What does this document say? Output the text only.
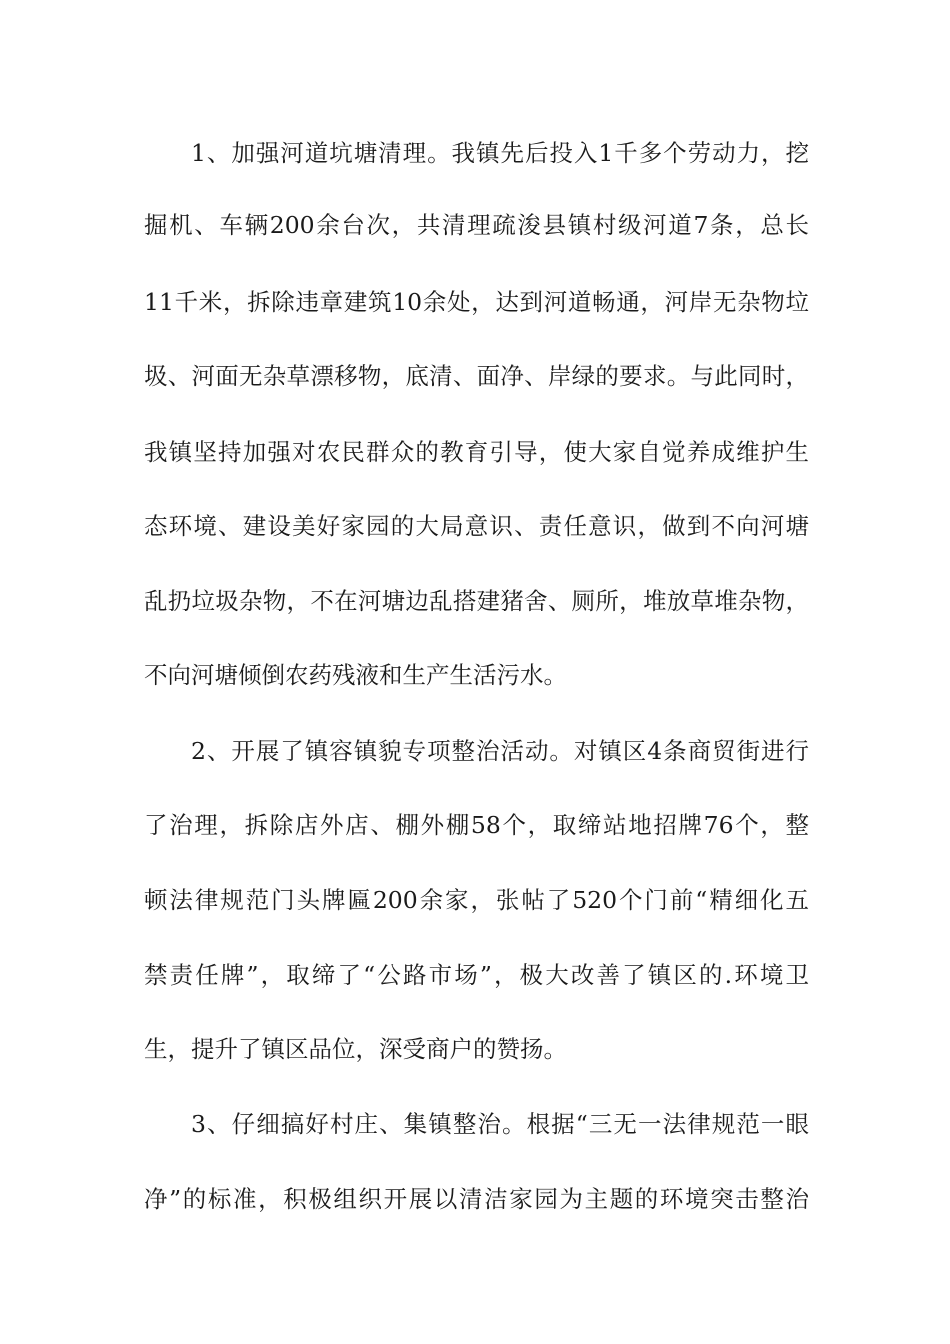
1、加强河道坑塘清理。我镇先后投入1千多个劳动力，挖
掘机、车辆200余台次，共清理疏浚县镇村级河道7条，总长
11千米，拆除违章建筑10余处，达到河道畅通，河岸无杂物垃
圾、河面无杂草漂移物，底清、面净、岸绿的要求。与此同时，
我镇坚持加强对农民群众的教育引导，使大家自觉养成维护生
态环境、建设美好家园的大局意识、责任意识，做到不向河塘
乱扔垃圾杂物，不在河塘边乱搭建猪舍、厕所，堆放草堆杂物，
不向河塘倾倒农药残液和生产生活污水。
2、开展了镇容镇貌专项整治活动。对镇区4条商贸街进行
了治理，拆除店外店、棚外棚58个，取缔站地招牌76个，整
顿法律规范门头牌匾200余家，张帖了520个门前“精细化五
禁责任牌”，取缔了“公路市场”，极大改善了镇区的.环境卫
生，提升了镇区品位，深受商户的赞扬。
3、仔细搞好村庄、集镇整治。根据“三无一法律规范一眼
净”的标准，积极组织开展以清洁家园为主题的环境突击整治
